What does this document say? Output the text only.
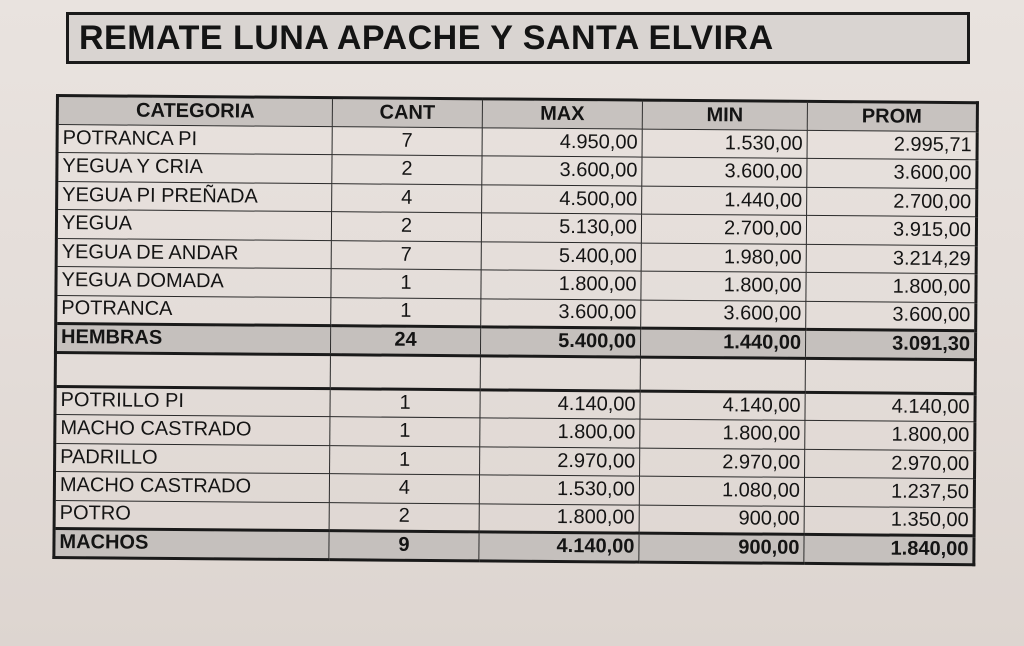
REMATE LUNA APACHE Y SANTA ELVIRA
CATEGORIA	CANT	MAX	MIN	PROM
POTRANCA PI	7	4.950,00	1.530,00	2.995,71
YEGUA Y CRIA	2	3.600,00	3.600,00	3.600,00
YEGUA PI PREÑADA	4	4.500,00	1.440,00	2.700,00
YEGUA	2	5.130,00	2.700,00	3.915,00
YEGUA DE ANDAR	7	5.400,00	1.980,00	3.214,29
YEGUA DOMADA	1	1.800,00	1.800,00	1.800,00
POTRANCA	1	3.600,00	3.600,00	3.600,00
HEMBRAS	24	5.400,00	1.440,00	3.091,30

POTRILLO PI	1	4.140,00	4.140,00	4.140,00
MACHO CASTRADO	1	1.800,00	1.800,00	1.800,00
PADRILLO	1	2.970,00	2.970,00	2.970,00
MACHO CASTRADO	4	1.530,00	1.080,00	1.237,50
POTRO	2	1.800,00	900,00	1.350,00
MACHOS	9	4.140,00	900,00	1.840,00
